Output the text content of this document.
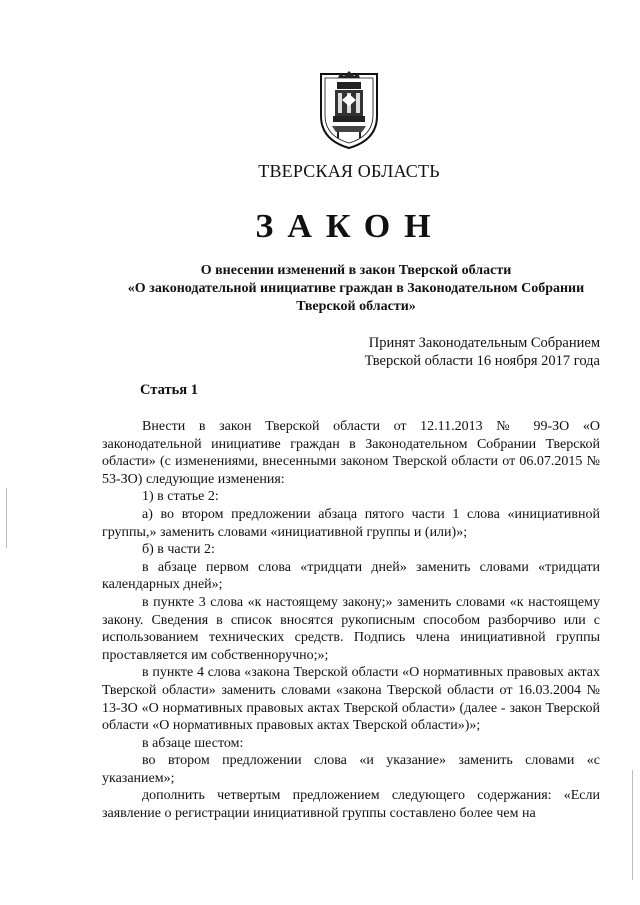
ТВЕРСКАЯ ОБЛАСТЬ
ЗАКОН
О внесении изменений в закон Тверской области
«О законодательной инициативе граждан в Законодательном Собрании
Тверской области»
Принят Законодательным Собранием
Тверской области 16 ноября 2017 года
Статья 1

Внести в закон Тверской области от 12.11.2013 № 99-ЗО «О законодательной инициативе граждан в Законодательном Собрании Тверской области» (с изменениями, внесенными законом Тверской области от 06.07.2015 № 53-ЗО) следующие изменения:

1) в статье 2:

а) во втором предложении абзаца пятого части 1 слова «инициативной группы,» заменить словами «инициативной группы и (или)»;

б) в части 2:

в абзаце первом слова «тридцати дней» заменить словами «тридцати календарных дней»;

в пункте 3 слова «к настоящему закону;» заменить словами «к настоящему закону. Сведения в список вносятся рукописным способом разборчиво или с использованием технических средств. Подпись члена инициативной группы проставляется им собственноручно;»;

в пункте 4 слова «закона Тверской области «О нормативных правовых актах Тверской области» заменить словами «закона Тверской области от 16.03.2004 № 13-ЗО «О нормативных правовых актах Тверской области» (далее - закон Тверской области «О нормативных правовых актах Тверской области»)»;

в абзаце шестом:

во втором предложении слова «и указание» заменить словами «с указанием»;

дополнить четвертым предложением следующего содержания: «Если заявление о регистрации инициативной группы составлено более чем на
